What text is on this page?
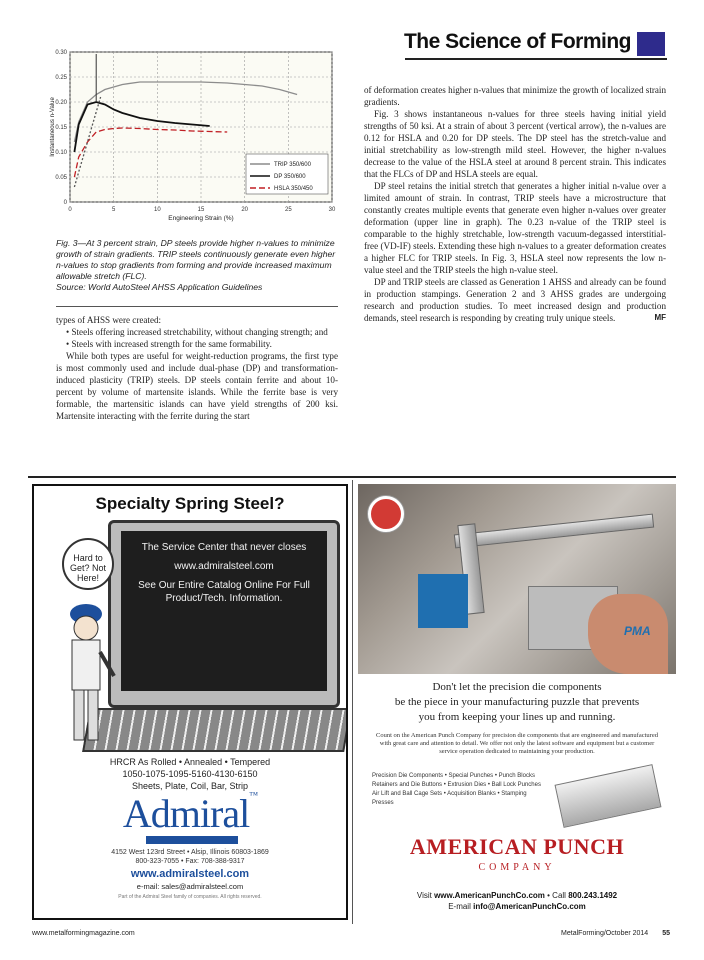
The Science of Forming
0
0.05
0.10
0.15
0.20
0.25
0.30
0	5	10	15	20	25	30
Engineering Strain (%)
Instantaneous n-Value
TRIP 350/600
DP 350/600
HSLA 350/450

Fig. 3—At 3 percent strain, DP steels provide higher n-values to minimize growth of strain gradients. TRIP steels continuously generate even higher n-values to stop gradients from forming and provide increased maximum allowable stretch (FLC).

Source: World AutoSteel AHSS Application Guidelines

types of AHSS were created:

• Steels offering increased stretchability, without changing strength; and

• Steels with increased strength for the same formability.

While both types are useful for weight-reduction programs, the first type is most commonly used and include dual-phase (DP) and transformation-induced plasticity (TRIP) steels. DP steels contain ferrite and about 10-percent by volume of martensite islands. While the ferrite base is very formable, the martensitic islands can have yield strengths of 200 ksi. Martensite interacting with the ferrite during the start

of deformation creates higher n-values that minimize the growth of localized strain gradients.

Fig. 3 shows instantaneous n-values for three steels having initial yield strengths of 50 ksi. At a strain of about 3 percent (vertical arrow), the n-values are 0.12 for HSLA and 0.20 for DP steels. The DP steel has the stretch-value and initial stretchability as low-strength mild steel. However, the higher n-values decrease to the value of the HSLA steel at around 8 percent strain. This indicates that the FLCs of DP and HSLA steels are equal.

DP steel retains the initial stretch that generates a higher initial n-value over a limited amount of strain. In contrast, TRIP steels have a microstructure that constantly creates multiple events that generate even higher n-values over greater deformation (upper line in graph). The 0.23 n-value of the TRIP steel is comparable to the highly stretchable, low-strength vacuum-degassed interstitial-free (VD-IF) steels. Extending these high n-values to a greater deformation creates a higher FLC for TRIP steels. In Fig. 3, HSLA steel now represents the low n-value steel and the TRIP steels the high n-value steel.

DP and TRIP steels are classed as Generation 1 AHSS and already can be found in production stampings. Generation 2 and 3 AHSS grades are undergoing research and production studies. To meet increased design and production demands, steel research is responding by creating truly unique steels.	MF

Specialty Spring Steel?

The Service Center that never closes

www.admiralsteel.com

See Our Entire Catalog Online For Full Product/Tech. Information.

Hard to Get? Not Here!
HRCR As Rolled • Annealed • Tempered
1050-1075-1095-5160-4130-6150
Sheets, Plate, Coil, Bar, Strip
Admiral™
4152 West 123rd Street • Alsip, Illinois 60803-1869
800-323-7055 • Fax: 708-388-9317
www.admiralsteel.com
e-mail: sales@admiralsteel.com
Part of the Admiral Steel family of companies. All rights reserved.
PMA
Don't let the precision die components
be the piece in your manufacturing puzzle that prevents
you from keeping your lines up and running.
Count on the American Punch Company for precision die components that are engineered and manufactured with great care and attention to detail. We offer not only the latest software and equipment but a customer service operation dedicated to maintaining your production.
Precision Die Components • Special Punches • Punch Blocks
Retainers and Die Buttons • Extrusion Dies • Ball Lock Punches
Air Lift and Ball Cage Sets • Acquisition Blanks • Stamping Presses
AMERICAN PUNCH
COMPANY
Visit www.AmericanPunchCo.com • Call 800.243.1492
E-mail info@AmericanPunchCo.com
www.metalformingmagazine.com	MetalForming/October 2014 55
